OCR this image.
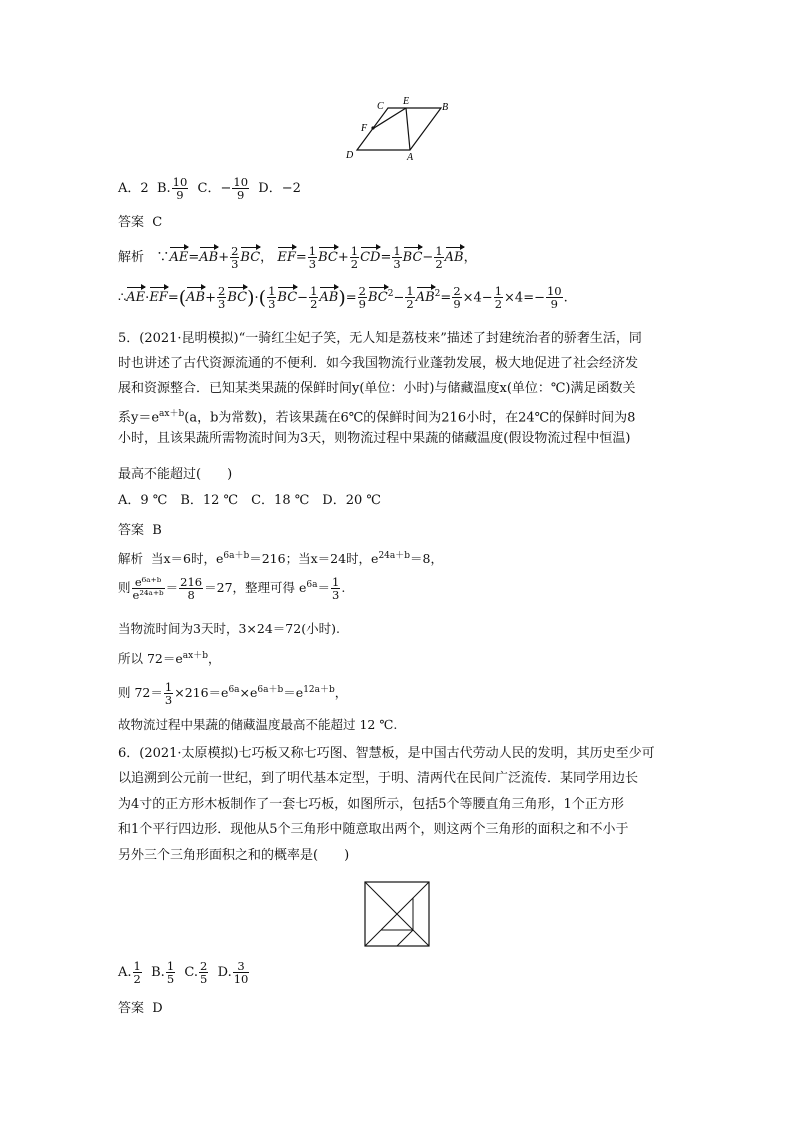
C E
B
F
D	A
A．2 B. $\frac{10}{9}$ C．− $\frac{10}{9}$ D．−2
答案 C
解析 ∵AE=AB+ $\frac{2}{3}$ BC， $EF= \frac{1}{3} BC+ \frac{1}{2} CD= \frac{1}{3} BC- \frac{1}{2}$ AB，
∴AE·EF=(AB+ $\frac{2}{3} BC)\cdot( \frac{1}{3} BC- \frac{1}{2} AB)= \frac{2}{9} BC^2- \frac{1}{2} AB^2= \frac{2}{9} \times 4- \frac{1}{2} \times 4=- \frac{10}{9}$ .
5．(2021·昆明模拟)“一骑红尘妃子笑，无人知是荔枝来”描述了封建统治者的骄奢生活，同
时也讲述了古代资源流通的不便利．如今我国物流行业蓬勃发展，极大地促进了社会经济发
展和资源整合．已知某类果蔬的保鲜时间y(单位：小时)与储藏温度x(单位：℃)满足函数关
系$y=e^{ax+b}(a$，b为常数)，若该果蔬在6℃的保鲜时间为216小时，在24℃的保鲜时间为8
小时，且该果蔬所需物流时间为3天，则物流过程中果蔬的储藏温度(假设物流过程中恒温)
最高不能超过(　　)
A．9 ℃　B．12 ℃　C．18 ℃　D．20 ℃
答案 B
解析 当x＝6时，$e^{6a+b}=216$；当x＝24时，$e^{24a+b}=8$，
则 $\frac{\text{e⁶ᵃ⁺ᵇ}}{\text{e²⁴ᵃ⁺ᵇ}} = \frac{216}{8} =27$，整理可得 $e^{6a}= \frac{1}{3}$ .
当物流时间为3天时，3×24＝72(小时).
所以 $72=e^{ax+b}$，
则 $72= \frac{1}{3} \times 216=e^{6a}\times e^{6a+b}=e^{12a+b}$，
故物流过程中果蔬的储藏温度最高不能超过 12 ℃.
6．(2021·太原模拟)七巧板又称七巧图、智慧板，是中国古代劳动人民的发明，其历史至少可
以追溯到公元前一世纪，到了明代基本定型，于明、清两代在民间广泛流传．某同学用边长
为4寸的正方形木板制作了一套七巧板，如图所示，包括5个等腰直角三角形，1个正方形
和1个平行四边形．现他从5个三角形中随意取出两个，则这两个三角形的面积之和不小于
另外三个三角形面积之和的概率是(　　)
A. $\frac{1}{2} B$. $\frac{1}{5} C$. $\frac{2}{5} D$. $\frac{3}{10}$
答案 D
